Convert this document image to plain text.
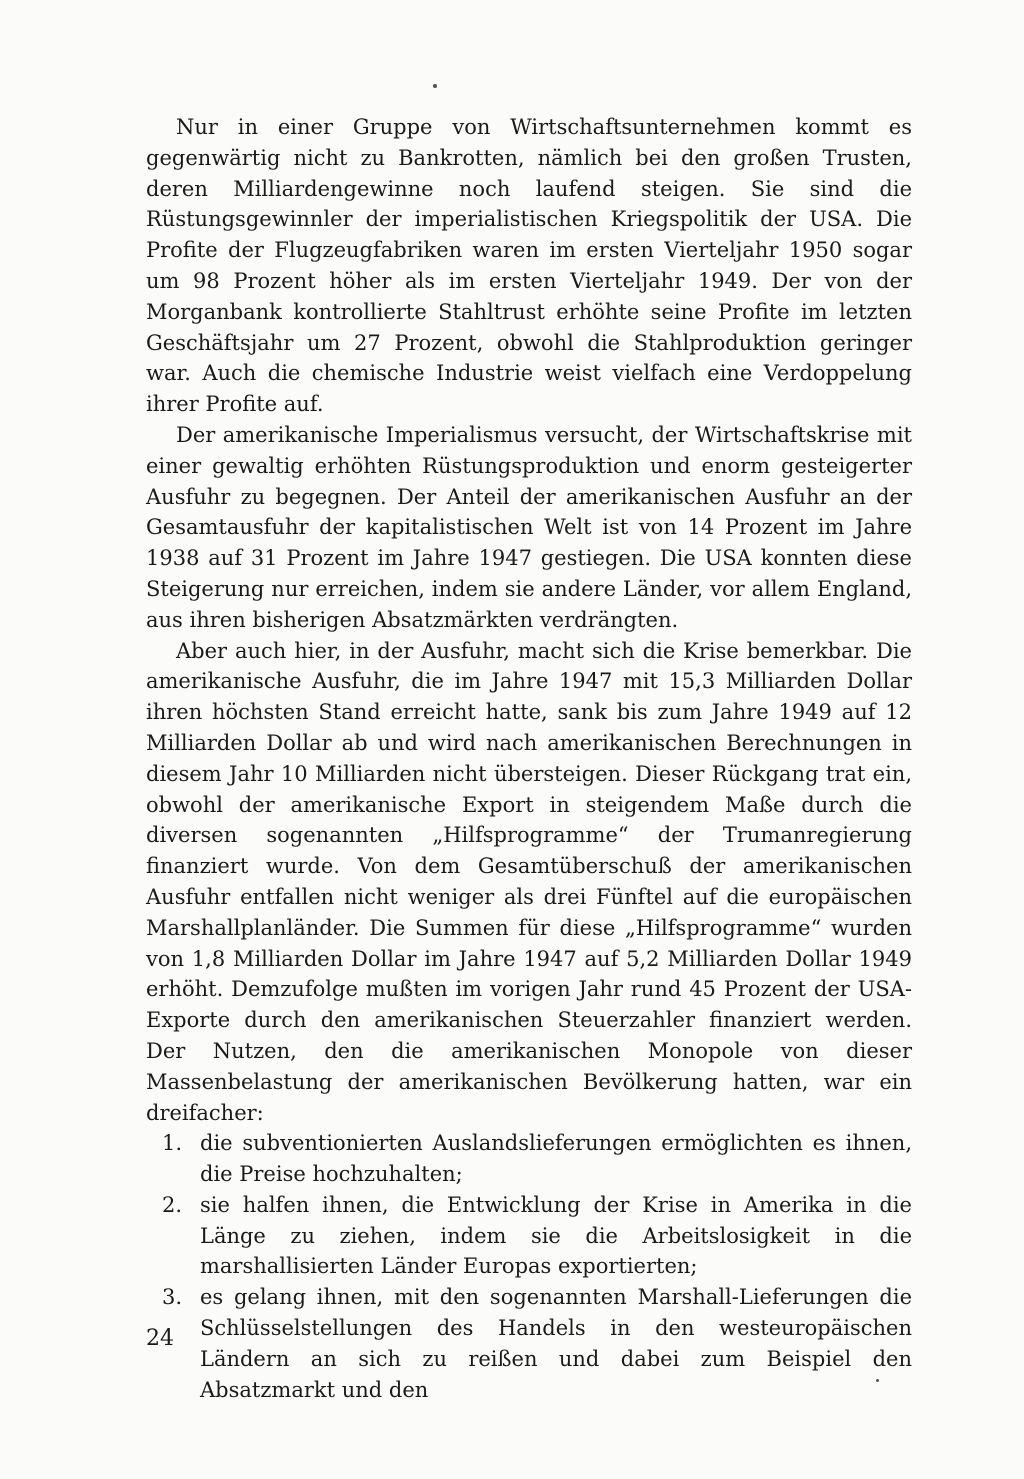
Nur in einer Gruppe von Wirtschaftsunternehmen kommt es gegenwärtig nicht zu Bankrotten, nämlich bei den großen Trusten, deren Milliardengewinne noch laufend steigen. Sie sind die Rüstungsgewinnler der imperialistischen Kriegspolitik der USA. Die Profite der Flugzeugfabriken waren im ersten Vierteljahr 1950 sogar um 98 Prozent höher als im ersten Vierteljahr 1949. Der von der Morganbank kontrollierte Stahltrust erhöhte seine Profite im letzten Geschäftsjahr um 27 Prozent, obwohl die Stahlproduktion geringer war. Auch die chemische Industrie weist vielfach eine Verdoppelung ihrer Profite auf.

Der amerikanische Imperialismus versucht, der Wirtschaftskrise mit einer gewaltig erhöhten Rüstungsproduktion und enorm gesteigerter Ausfuhr zu begegnen. Der Anteil der amerikanischen Ausfuhr an der Gesamtausfuhr der kapitalistischen Welt ist von 14 Prozent im Jahre 1938 auf 31 Prozent im Jahre 1947 gestiegen. Die USA konnten diese Steigerung nur erreichen, indem sie andere Länder, vor allem England, aus ihren bisherigen Absatzmärkten verdrängten.

Aber auch hier, in der Ausfuhr, macht sich die Krise bemerkbar. Die amerikanische Ausfuhr, die im Jahre 1947 mit 15,3 Milliarden Dollar ihren höchsten Stand erreicht hatte, sank bis zum Jahre 1949 auf 12 Milliarden Dollar ab und wird nach amerikanischen Berechnungen in diesem Jahr 10 Milliarden nicht übersteigen. Dieser Rückgang trat ein, obwohl der amerikanische Export in steigendem Maße durch die diversen sogenannten „Hilfsprogramme“ der Trumanregierung finanziert wurde. Von dem Gesamtüberschuß der amerikanischen Ausfuhr entfallen nicht weniger als drei Fünftel auf die europäischen Marshallplanländer. Die Summen für diese „Hilfsprogramme“ wurden von 1,8 Milliarden Dollar im Jahre 1947 auf 5,2 Milliarden Dollar 1949 erhöht. Demzufolge mußten im vorigen Jahr rund 45 Prozent der USA-Exporte durch den amerikanischen Steuerzahler finanziert werden. Der Nutzen, den die amerikanischen Monopole von dieser Massenbelastung der amerikanischen Bevölkerung hatten, war ein dreifacher:

1. die subventionierten Auslandslieferungen ermöglichten es ihnen, die Preise hochzuhalten;
2. sie halfen ihnen, die Entwicklung der Krise in Amerika in die Länge zu ziehen, indem sie die Arbeitslosigkeit in die marshallisierten Länder Europas exportierten;
3. es gelang ihnen, mit den sogenannten Marshall-Lieferungen die Schlüsselstellungen des Handels in den westeuropäischen Ländern an sich zu reißen und dabei zum Beispiel den Absatzmarkt und den
24
